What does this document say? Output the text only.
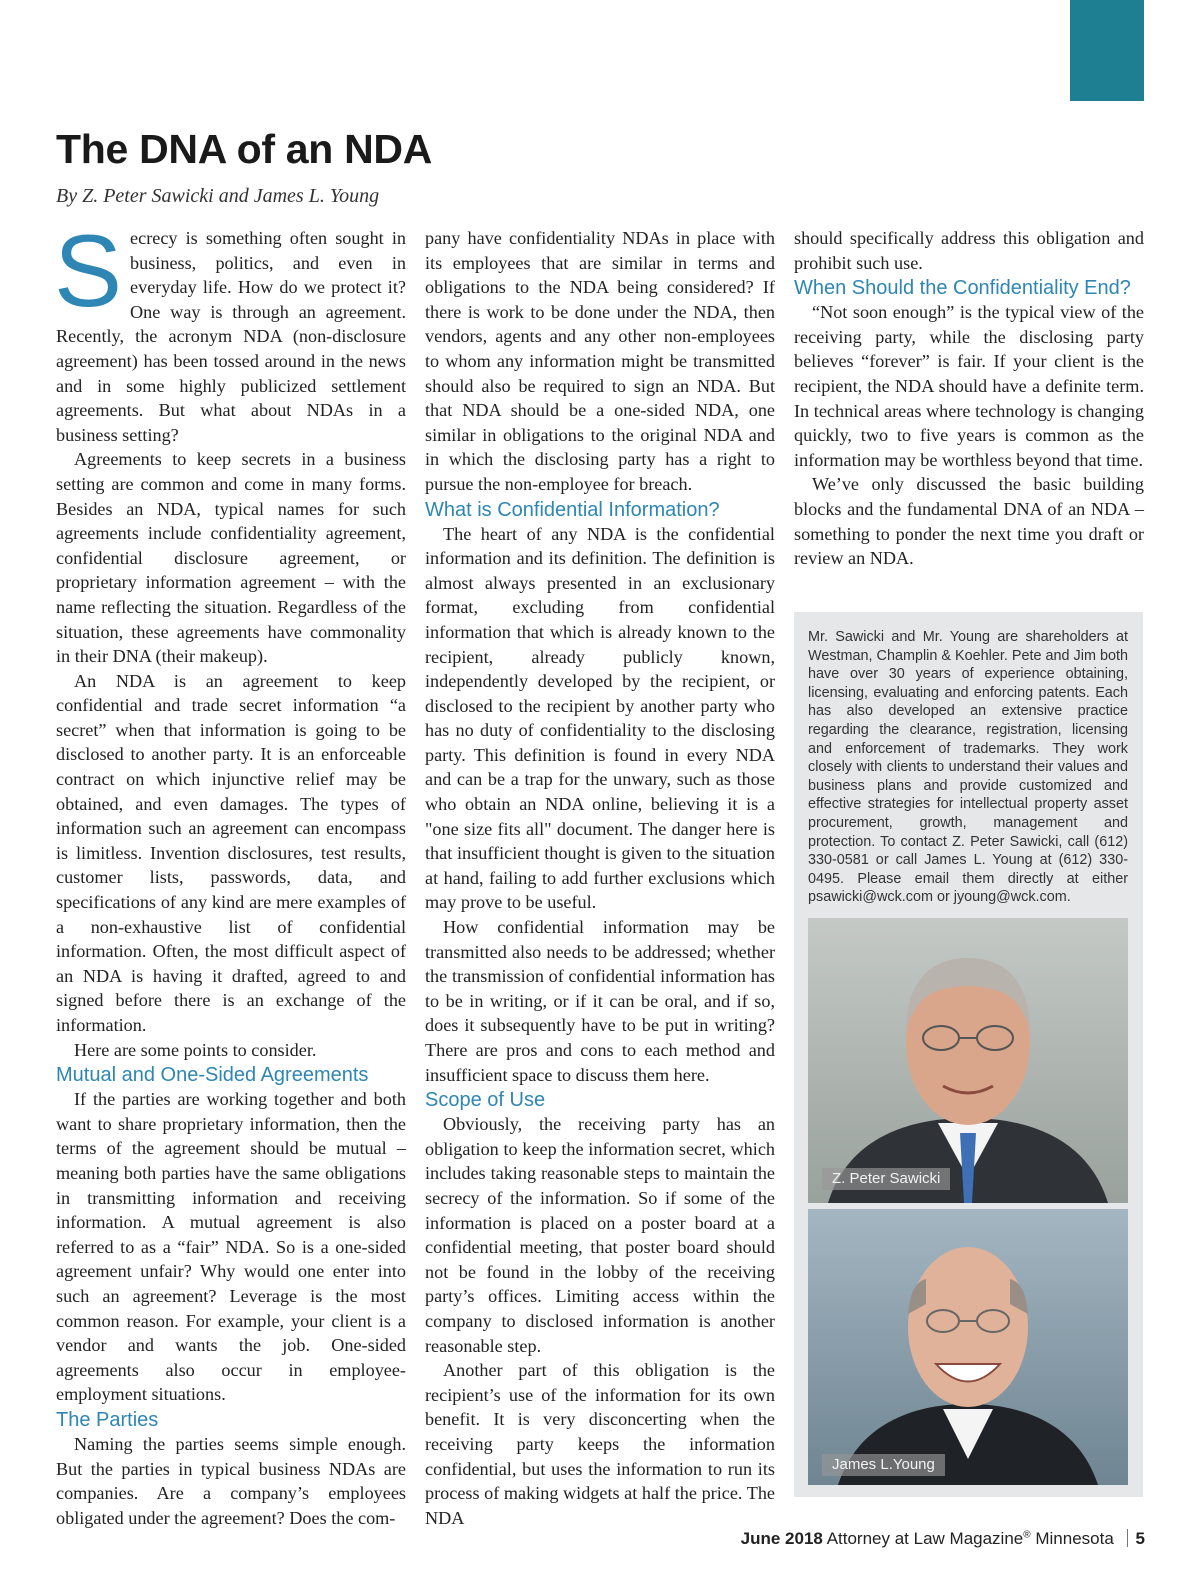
The DNA of an NDA

By Z. Peter Sawicki and James L. Young

Secrecy is something often sought in business, politics, and even in everyday life. How do we protect it? One way is through an agreement. Recently, the acronym NDA (non-disclosure agreement) has been tossed around in the news and in some highly publicized settlement agreements. But what about NDAs in a business setting?

Agreements to keep secrets in a business setting are common and come in many forms. Besides an NDA, typical names for such agreements include confidentiality agreement, confidential disclosure agreement, or proprietary information agreement – with the name reflecting the situation. Regardless of the situation, these agreements have commonality in their DNA (their makeup).

An NDA is an agreement to keep confidential and trade secret information “a secret” when that information is going to be disclosed to another party. It is an enforceable contract on which injunctive relief may be obtained, and even damages. The types of information such an agreement can encompass is limitless. Invention disclosures, test results, customer lists, passwords, data, and specifications of any kind are mere examples of a non-exhaustive list of confidential information. Often, the most difficult aspect of an NDA is having it drafted, agreed to and signed before there is an exchange of the information.

Here are some points to consider.

Mutual and One-Sided Agreements

If the parties are working together and both want to share proprietary information, then the terms of the agreement should be mutual – meaning both parties have the same obligations in transmitting information and receiving information. A mutual agreement is also referred to as a “fair” NDA. So is a one-sided agreement unfair? Why would one enter into such an agreement? Leverage is the most common reason. For example, your client is a vendor and wants the job. One-sided agreements also occur in employee-employment situations.

The Parties

Naming the parties seems simple enough. But the parties in typical business NDAs are companies. Are a company’s employees obligated under the agreement? Does the com-

pany have confidentiality NDAs in place with its employees that are similar in terms and obligations to the NDA being considered? If there is work to be done under the NDA, then vendors, agents and any other non-employees to whom any information might be transmitted should also be required to sign an NDA. But that NDA should be a one-sided NDA, one similar in obligations to the original NDA and in which the disclosing party has a right to pursue the non-employee for breach.

What is Confidential Information?

The heart of any NDA is the confidential information and its definition. The definition is almost always presented in an exclusionary format, excluding from confidential information that which is already known to the recipient, already publicly known, independently developed by the recipient, or disclosed to the recipient by another party who has no duty of confidentiality to the disclosing party. This definition is found in every NDA and can be a trap for the unwary, such as those who obtain an NDA online, believing it is a "one size fits all" document. The danger here is that insufficient thought is given to the situation at hand, failing to add further exclusions which may prove to be useful.

How confidential information may be transmitted also needs to be addressed; whether the transmission of confidential information has to be in writing, or if it can be oral, and if so, does it subsequently have to be put in writing? There are pros and cons to each method and insufficient space to discuss them here.

Scope of Use

Obviously, the receiving party has an obligation to keep the information secret, which includes taking reasonable steps to maintain the secrecy of the information. So if some of the information is placed on a poster board at a confidential meeting, that poster board should not be found in the lobby of the receiving party’s offices. Limiting access within the company to disclosed information is another reasonable step.

Another part of this obligation is the recipient’s use of the information for its own benefit. It is very disconcerting when the receiving party keeps the information confidential, but uses the information to run its process of making widgets at half the price. The NDA

should specifically address this obligation and prohibit such use.

When Should the Confidentiality End?

“Not soon enough” is the typical view of the receiving party, while the disclosing party believes “forever” is fair. If your client is the recipient, the NDA should have a definite term. In technical areas where technology is changing quickly, two to five years is common as the information may be worthless beyond that time.

We’ve only discussed the basic building blocks and the fundamental DNA of an NDA – something to ponder the next time you draft or review an NDA.

Mr. Sawicki and Mr. Young are shareholders at Westman, Champlin & Koehler. Pete and Jim both have over 30 years of experience obtaining, licensing, evaluating and enforcing patents. Each has also developed an extensive practice regarding the clearance, registration, licensing and enforcement of trademarks. They work closely with clients to understand their values and business plans and provide customized and effective strategies for intellectual property asset procurement, growth, management and protection. To contact Z. Peter Sawicki, call (612) 330-0581 or call James L. Young at (612) 330-0495. Please email them directly at either psawicki@wck.com or jyoung@wck.com.

Z. Peter Sawicki
James L.Young
June 2018 Attorney at Law Magazine® Minnesota 5
